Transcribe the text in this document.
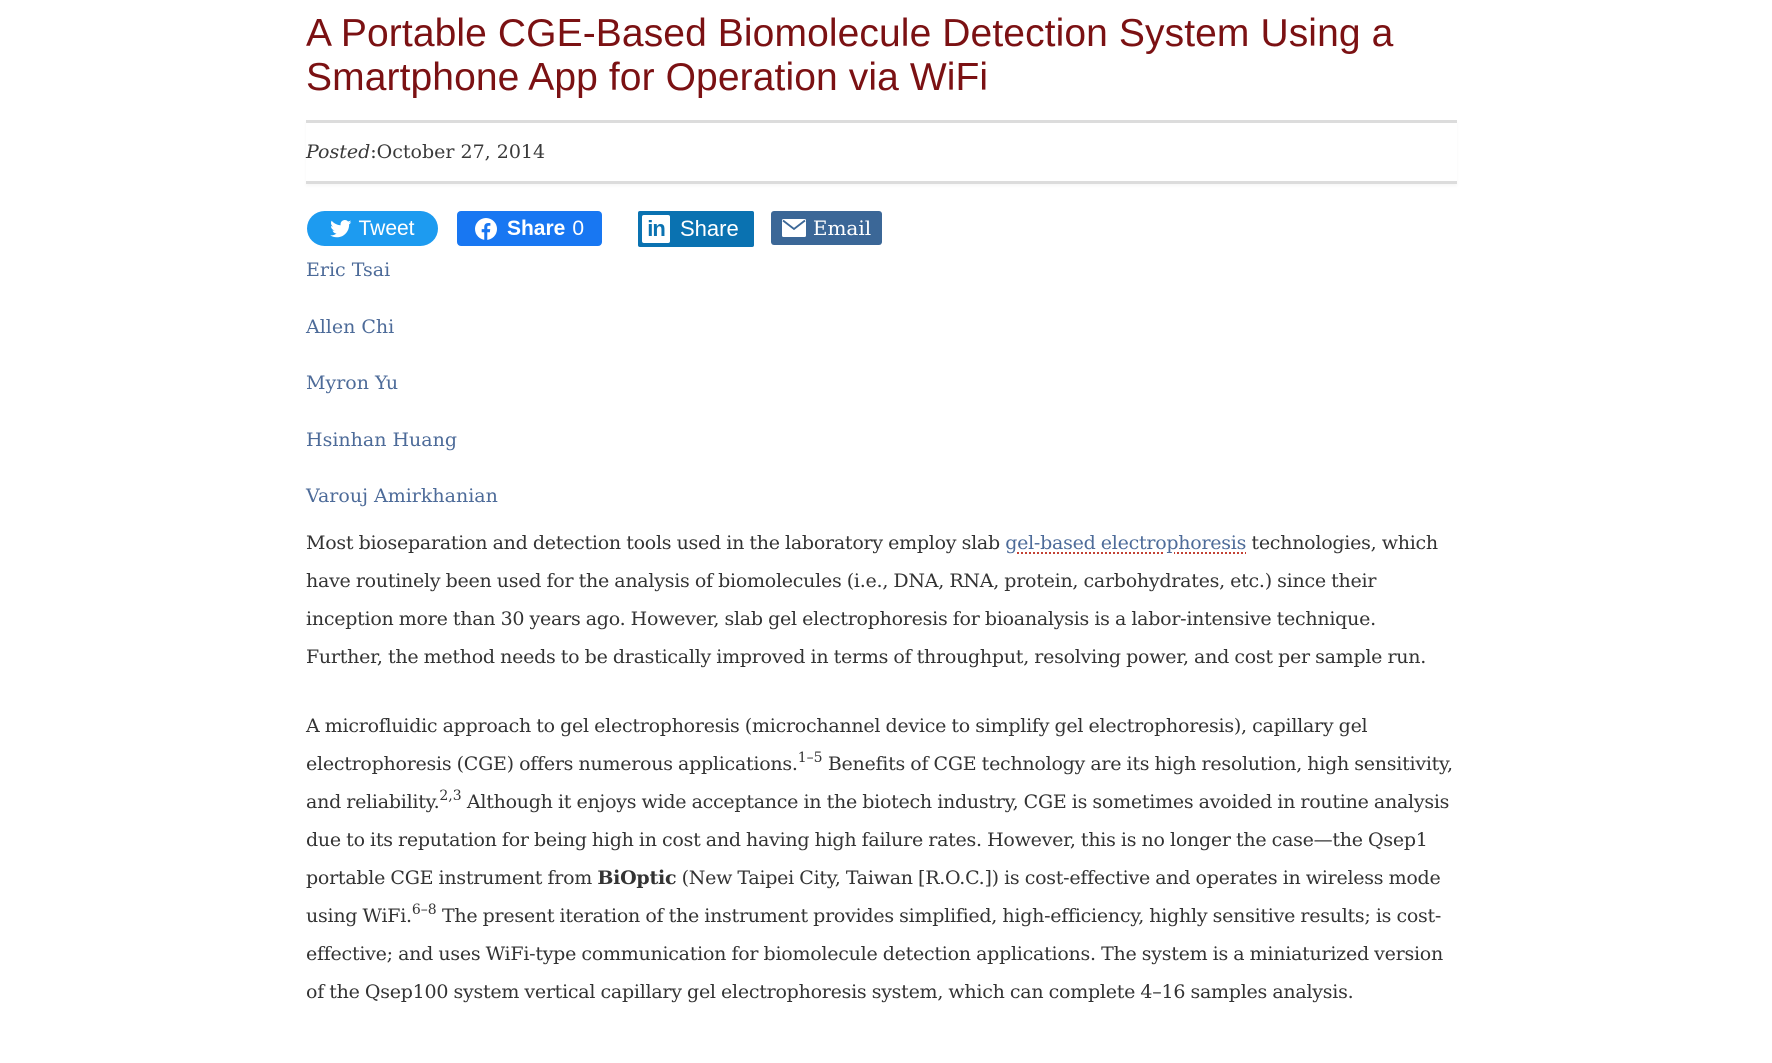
A Portable CGE-Based Biomolecule Detection System Using a Smartphone App for Operation via WiFi
Posted : October 27, 2014
Tweet	Share 0	in Share	Email
Eric Tsai
Allen Chi
Myron Yu
Hsinhan Huang
Varouj Amirkhanian

Most bioseparation and detection tools used in the laboratory employ slab gel-based electrophoresis technologies, which have routinely been used for the analysis of biomolecules (i.e., DNA, RNA, protein, carbohydrates, etc.) since their inception more than 30 years ago. However, slab gel electrophoresis for bioanalysis is a labor-intensive technique. Further, the method needs to be drastically improved in terms of throughput, resolving power, and cost per sample run.

A microfluidic approach to gel electrophoresis (microchannel device to simplify gel electrophoresis), capillary gel electrophoresis (CGE) offers numerous applications.$^{1-5}$ Benefits of CGE technology are its high resolution, high sensitivity, and reliability.$^{2,3}$ Although it enjoys wide acceptance in the biotech industry, CGE is sometimes avoided in routine analysis due to its reputation for being high in cost and having high failure rates. However, this is no longer the case—the Qsep1 portable CGE instrument from BiOptic (New Taipei City, Taiwan [R.O.C.]) is cost-effective and operates in wireless mode using WiFi.$^{6-8}$ The present iteration of the instrument provides simplified, high-efficiency, highly sensitive results; is cost-effective; and uses WiFi-type communication for biomolecule detection applications. The system is a miniaturized version of the Qsep100 system vertical capillary gel electrophoresis system, which can complete 4–16 samples analysis.
